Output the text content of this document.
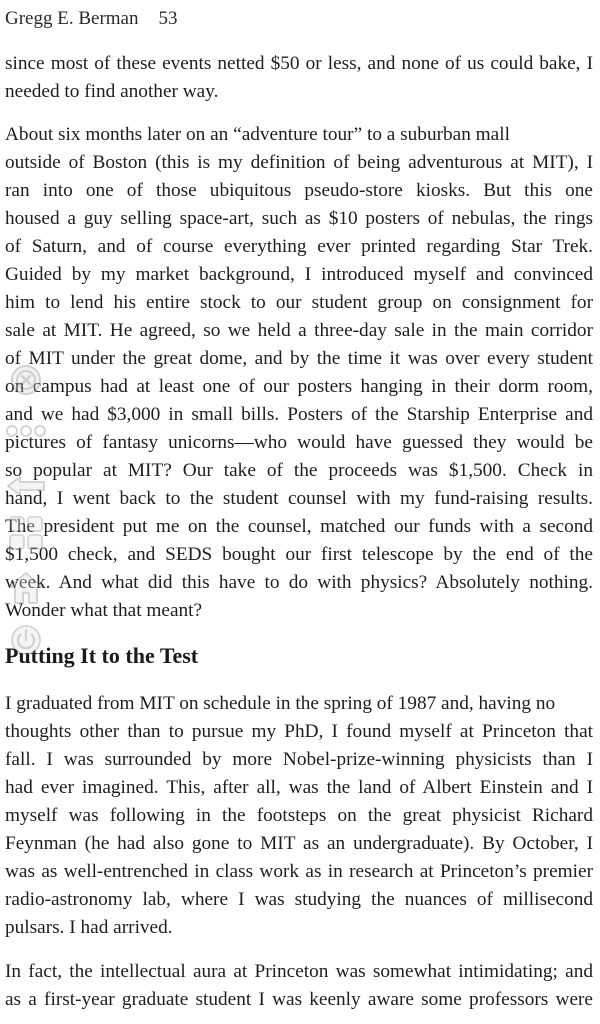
Gregg E. Berman 53
since most of these events netted $50 or less, and none of us could bake, I
needed to find another way.
About six months later on an “adventure tour” to a suburban mall
outside of Boston (this is my definition of being adventurous at MIT), I
ran into one of those ubiquitous pseudo-store kiosks. But this one
housed a guy selling space-art, such as $10 posters of nebulas, the rings
of Saturn, and of course everything ever printed regarding Star Trek.
Guided by my market background, I introduced myself and convinced
him to lend his entire stock to our student group on consignment for
sale at MIT. He agreed, so we held a three-day sale in the main corridor
of MIT under the great dome, and by the time it was over every student
on campus had at least one of our posters hanging in their dorm room,
and we had $3,000 in small bills. Posters of the Starship Enterprise and
pictures of fantasy unicorns—who would have guessed they would be
so popular at MIT? Our take of the proceeds was $1,500. Check in
hand, I went back to the student counsel with my fund-raising results.
The president put me on the counsel, matched our funds with a second
$1,500 check, and SEDS bought our first telescope by the end of the
week. And what did this have to do with physics? Absolutely nothing.
Wonder what that meant?
Putting It to the Test
I graduated from MIT on schedule in the spring of 1987 and, having no
thoughts other than to pursue my PhD, I found myself at Princeton that
fall. I was surrounded by more Nobel-prize-winning physicists than I
had ever imagined. This, after all, was the land of Albert Einstein and I
myself was following in the footsteps on the great physicist Richard
Feynman (he had also gone to MIT as an undergraduate). By October, I
was as well-entrenched in class work as in research at Princeton’s premier
radio-astronomy lab, where I was studying the nuances of millisecond
pulsars. I had arrived.
In fact, the intellectual aura at Princeton was somewhat intimidating; and
as a first-year graduate student I was keenly aware some professors were
